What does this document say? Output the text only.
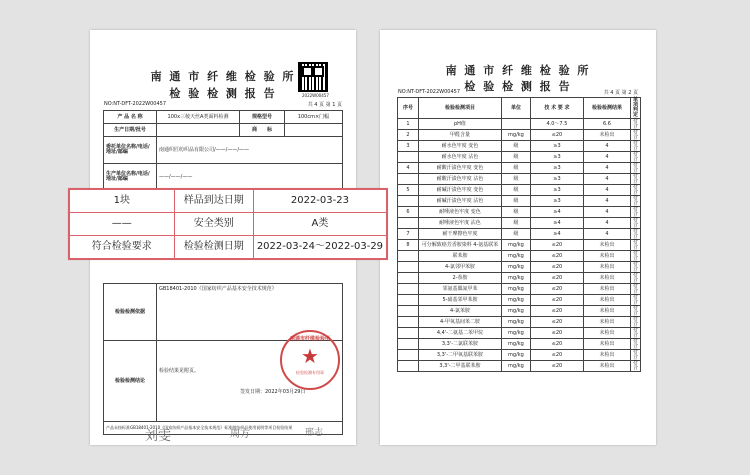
南 通 市 纤 维 检 验 所
检 验 检 测 报 告	2022W00457
NO:NT-DFT-2022W00457	共 4 页 第 1 页
产 品 名 称	100x三棱天丝A类面料检测	规格型号	100cm×门幅
生产日期/批号		商　　标	
委托单位名称/电话/地址/邮编	南通织匠纺织品有限公司/——/——/——		
生产单位名称/电话/地址/邮编	——/——/——		
检验检测依据	GB18401-2010《国家纺织产品基本安全技术规范》
检验检测结论	检验结果见附页。
产品未按标准GB18401-2010《国家纺织产品基本安全技术规范》标准做纺织品使用说明等项目检验结果	
签发日期：2022年03月29日
南通市纤维检验所
★
检验检测专用章
刘雯	周方	邢志
南 通 市 纤 维 检 验 所
检 验 检 测 报 告
NO:NT-DFT-2022W00457	共 4 页 第 2 页
序号	检验检测项目	单位	技 术 要 求	检验检测结果	单项判定
1	pH值		4.0～7.5	6.6	符合
2	甲醛含量	mg/kg	≤20	未检出	符合
3	耐水色牢度 变色	级	≥3	4	符合
	耐水色牢度 沾色	级	≥3	4	符合
4	耐酸汗渍色牢度 变色	级	≥3	4	符合
	耐酸汗渍色牢度 沾色	级	≥3	4	符合
5	耐碱汗渍色牢度 变色	级	≥3	4	符合
	耐碱汗渍色牢度 沾色	级	≥3	4	符合
6	耐唾液色牢度 变色	级	≥4	4	符合
	耐唾液色牢度 沾色	级	≥4	4	符合
7	耐干摩擦色牢度	级	≥4	4	符合
8	可分解致癌芳香胺染料 4-氨基联苯	mg/kg	≤20	未检出	符合
	联苯胺	mg/kg	≤20	未检出	符合
	4-氯邻甲苯胺	mg/kg	≤20	未检出	符合
	2-萘胺	mg/kg	≤20	未检出	符合
	邻氨基偶氮甲苯	mg/kg	≤20	未检出	符合
	5-硝基邻甲苯胺	mg/kg	≤20	未检出	符合
	4-氯苯胺	mg/kg	≤20	未检出	符合
	4-甲氧基间苯二胺	mg/kg	≤20	未检出	符合
	4,4'-二氨基二苯甲烷	mg/kg	≤20	未检出	符合
	3,3'-二氯联苯胺	mg/kg	≤20	未检出	符合
	3,3'-二甲氧基联苯胺	mg/kg	≤20	未检出	符合
	3,3'-二甲基联苯胺	mg/kg	≤20	未检出	符合
1块	样品到达日期	2022-03-23
——	安全类别	A类
符合检验要求	检验检测日期	2022-03-24～2022-03-29
